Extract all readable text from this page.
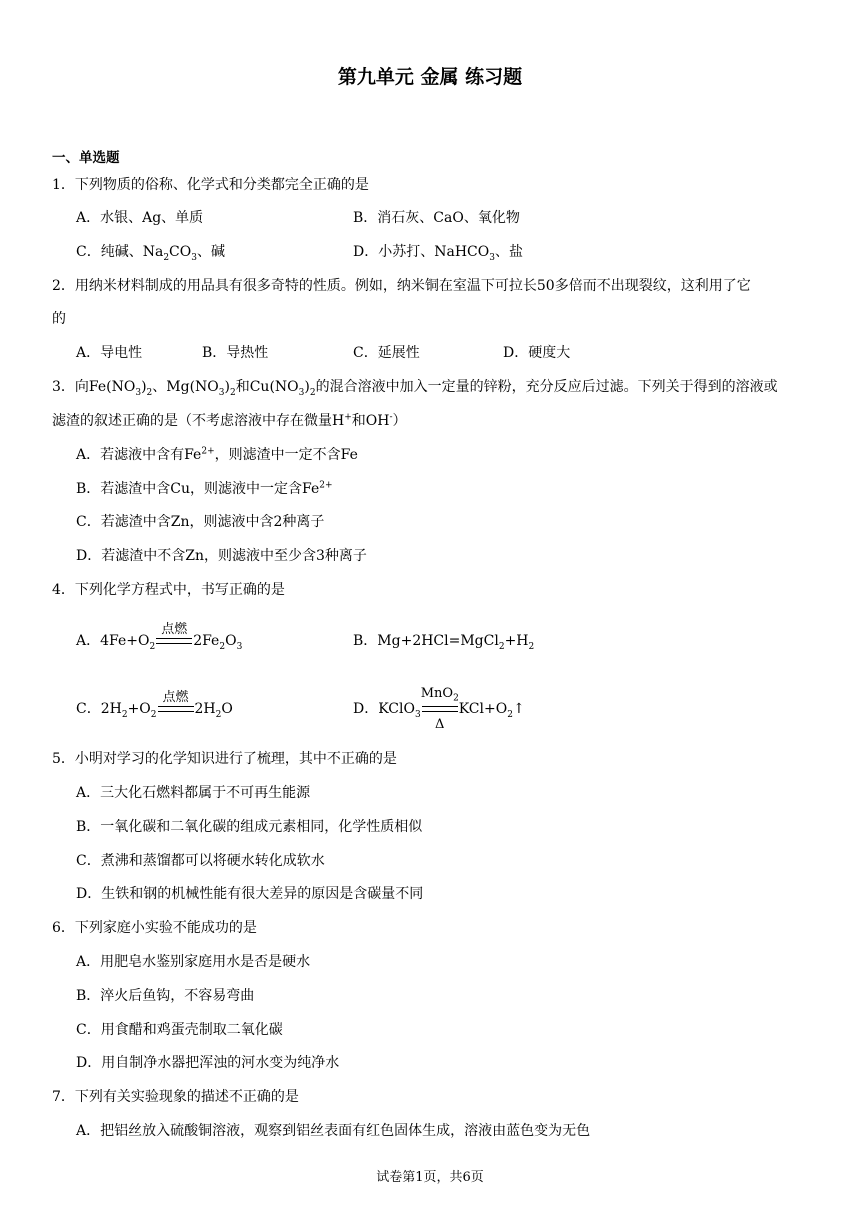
第九单元 金属 练习题
一、单选题
1．下列物质的俗称、化学式和分类都完全正确的是
A．水银、Ag、单质	B．消石灰、CaO、氧化物
C．纯碱、$Na_2CO_3$、碱	D．小苏打、NaHCO$_3$、盐
2．用纳米材料制成的用品具有很多奇特的性质。例如，纳米铜在室温下可拉长50多倍而不出现裂纹，这利用了它
的
A．导电性	B．导热性	C．延展性	D．硬度大
3．向$Fe(NO_3)_2$、$Mg(NO_3)_2$和$Cu(NO_3)_2$的混合溶液中加入一定量的锌粉，充分反应后过滤。下列关于得到的溶液或
滤渣的叙述正确的是（不考虑溶液中存在微量H+和OH-）
A．若滤液中含有$Fe^{2+}$，则滤渣中一定不含Fe
B．若滤渣中含Cu，则滤液中一定含$Fe^{2+}$
C．若滤渣中含Zn，则滤液中含2种离子
D．若滤渣中不含Zn，则滤液中至少含3种离子
4．下列化学方程式中，书写正确的是
A．$4Fe+O_2$
点燃
$2Fe_2O_3$	B．$Mg+2HCl=MgCl_2+H_2$
C．$2H_2+O_2$
点燃
$2H_2O$	D．KClO$_3$
MnO$_2$
Δ
$KCl+O_2↑$
5．小明对学习的化学知识进行了梳理，其中不正确的是
A．三大化石燃料都属于不可再生能源
B．一氧化碳和二氧化碳的组成元素相同，化学性质相似
C．煮沸和蒸馏都可以将硬水转化成软水
D．生铁和钢的机械性能有很大差异的原因是含碳量不同
6．下列家庭小实验不能成功的是
A．用肥皂水鉴别家庭用水是否是硬水
B．淬火后鱼钩，不容易弯曲
C．用食醋和鸡蛋壳制取二氧化碳
D．用自制净水器把浑浊的河水变为纯净水
7．下列有关实验现象的描述不正确的是
A．把铝丝放入硫酸铜溶液，观察到铝丝表面有红色固体生成，溶液由蓝色变为无色
试卷第1页，共6页
